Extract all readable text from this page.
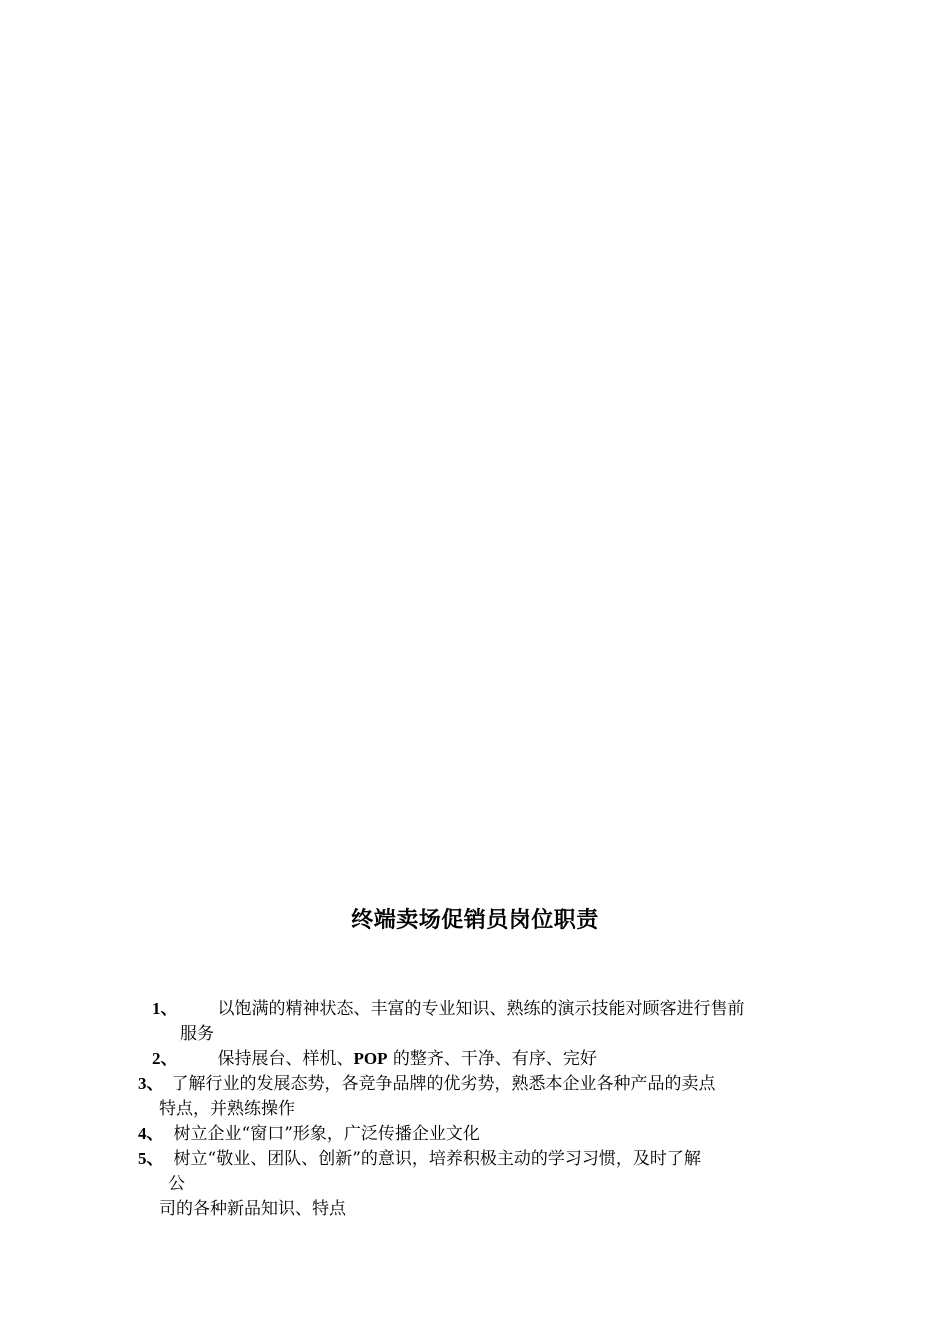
终端卖场促销员岗位职责
1、 以饱满的精神状态、丰富的专业知识、熟练的演示技能对顾客进行售前
服务
2、 保持展台、样机、POP 的整齐、干净、有序、完好
3、 了解行业的发展态势，各竞争品牌的优劣势，熟悉本企业各种产品的卖点
特点，并熟练操作
4、 树立企业“窗口”形象，广泛传播企业文化
5、 树立“敬业、团队、创新”的意识，培养积极主动的学习习惯，及时了解
公
司的各种新品知识、特点
